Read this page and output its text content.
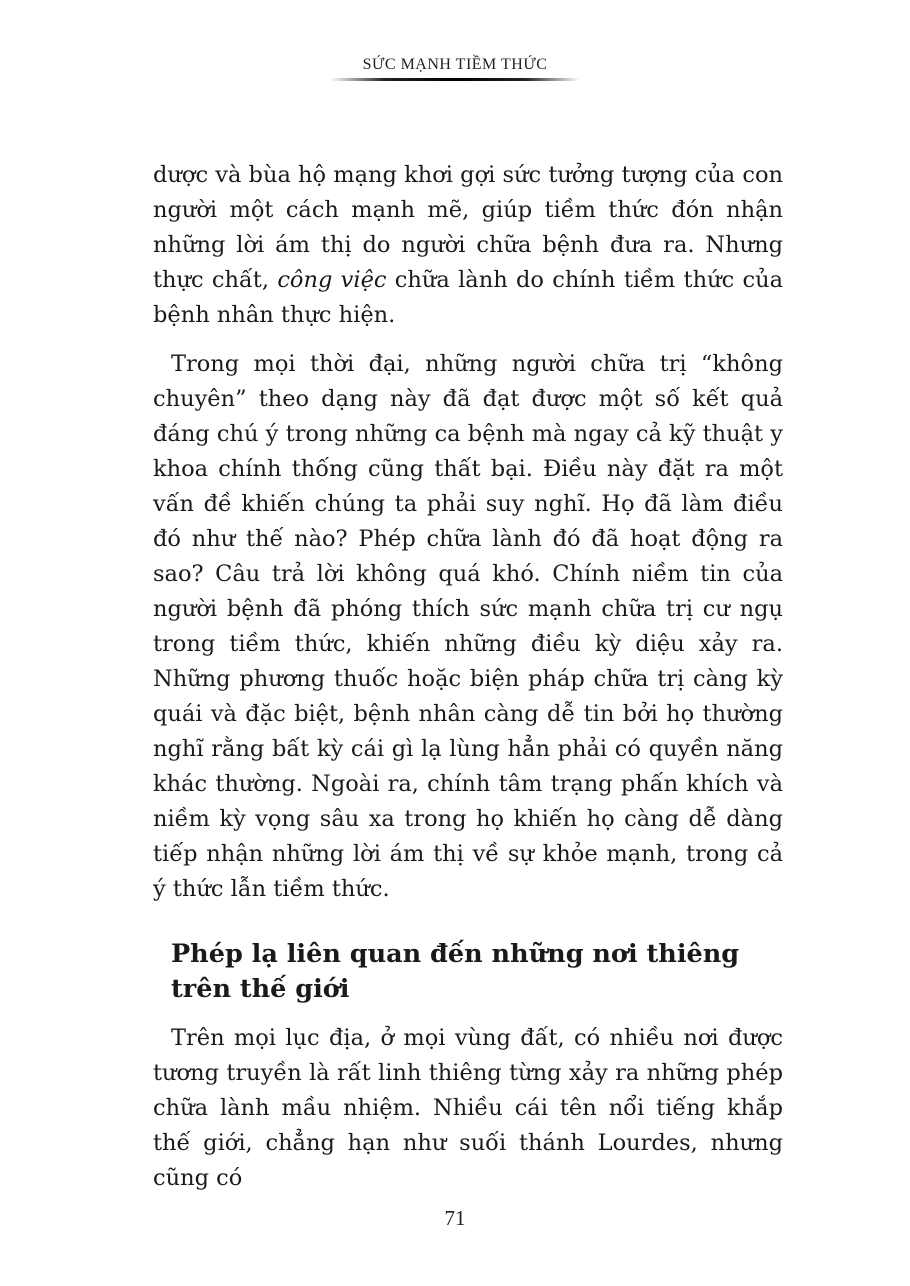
SỨC MẠNH TIỀM THỨC

dược và bùa hộ mạng khơi gợi sức tưởng tượng của con người một cách mạnh mẽ, giúp tiềm thức đón nhận những lời ám thị do người chữa bệnh đưa ra. Nhưng thực chất, công việc chữa lành do chính tiềm thức của bệnh nhân thực hiện.

Trong mọi thời đại, những người chữa trị “không chuyên” theo dạng này đã đạt được một số kết quả đáng chú ý trong những ca bệnh mà ngay cả kỹ thuật y khoa chính thống cũng thất bại. Điều này đặt ra một vấn đề khiến chúng ta phải suy nghĩ. Họ đã làm điều đó như thế nào? Phép chữa lành đó đã hoạt động ra sao? Câu trả lời không quá khó. Chính niềm tin của người bệnh đã phóng thích sức mạnh chữa trị cư ngụ trong tiềm thức, khiến những điều kỳ diệu xảy ra. Những phương thuốc hoặc biện pháp chữa trị càng kỳ quái và đặc biệt, bệnh nhân càng dễ tin bởi họ thường nghĩ rằng bất kỳ cái gì lạ lùng hẳn phải có quyền năng khác thường. Ngoài ra, chính tâm trạng phấn khích và niềm kỳ vọng sâu xa trong họ khiến họ càng dễ dàng tiếp nhận những lời ám thị về sự khỏe mạnh, trong cả ý thức lẫn tiềm thức.

Phép lạ liên quan đến những nơi thiêng trên thế giới

Trên mọi lục địa, ở mọi vùng đất, có nhiều nơi được tương truyền là rất linh thiêng từng xảy ra những phép chữa lành mầu nhiệm. Nhiều cái tên nổi tiếng khắp thế giới, chẳng hạn như suối thánh Lourdes, nhưng cũng có

71
